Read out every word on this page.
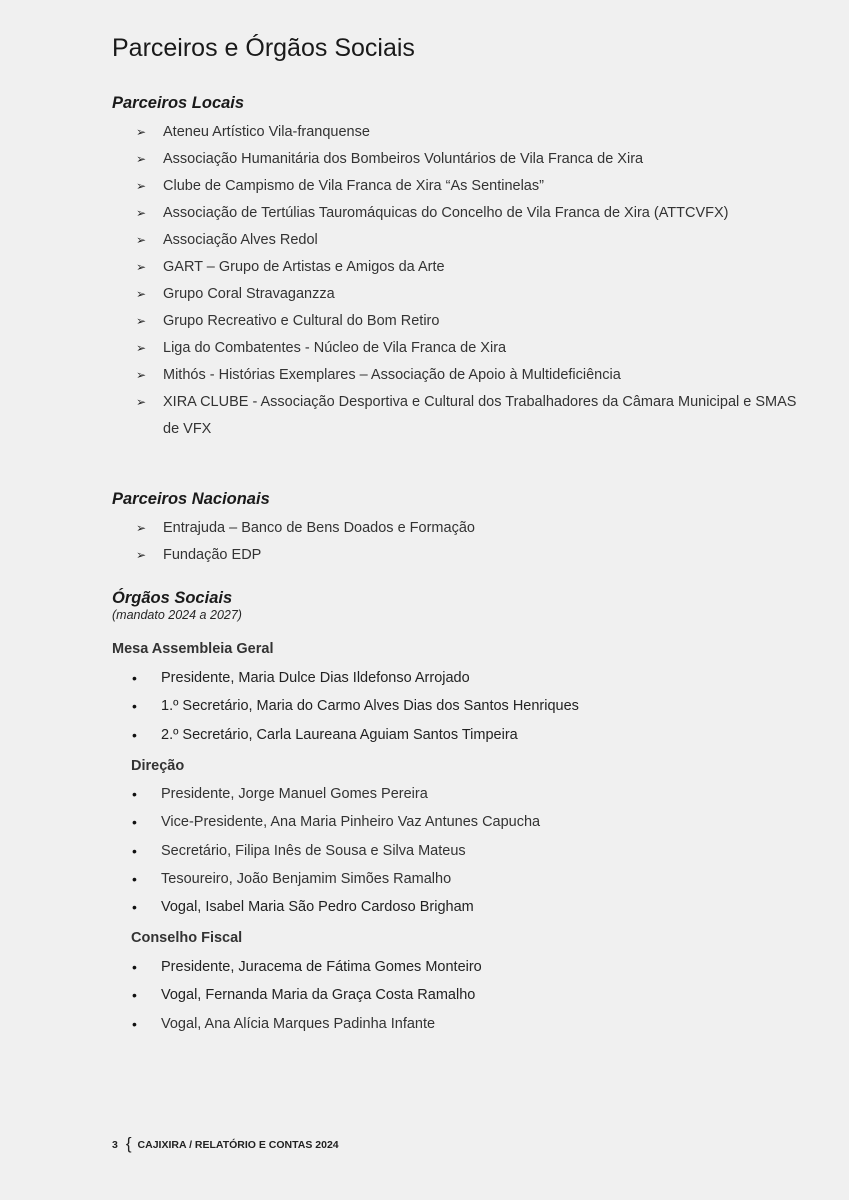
Parceiros e Órgãos Sociais
Parceiros Locais
➢ Ateneu Artístico Vila-franquense
➢ Associação Humanitária dos Bombeiros Voluntários de Vila Franca de Xira
➢ Clube de Campismo de Vila Franca de Xira “As Sentinelas”
➢ Associação de Tertúlias Tauromáquicas do Concelho de Vila Franca de Xira (ATTCVFX)
➢ Associação Alves Redol
➢ GART – Grupo de Artistas e Amigos da Arte
➢ Grupo Coral Stravaganzza
➢ Grupo Recreativo e Cultural do Bom Retiro
➢ Liga do Combatentes - Núcleo de Vila Franca de Xira
➢ Mithós - Histórias Exemplares – Associação de Apoio à Multideficiência
➢ XIRA CLUBE - Associação Desportiva e Cultural dos Trabalhadores da Câmara Municipal e SMAS de VFX
Parceiros Nacionais
➢ Entrajuda – Banco de Bens Doados e Formação
➢ Fundação EDP
Órgãos Sociais
(mandato 2024 a 2027)
Mesa Assembleia Geral
• Presidente, Maria Dulce Dias Ildefonso Arrojado
• 1.º Secretário, Maria do Carmo Alves Dias dos Santos Henriques
• 2.º Secretário, Carla Laureana Aguiam Santos Timpeira
Direção
• Presidente, Jorge Manuel Gomes Pereira
• Vice-Presidente, Ana Maria Pinheiro Vaz Antunes Capucha
• Secretário, Filipa Inês de Sousa e Silva Mateus
• Tesoureiro, João Benjamim Simões Ramalho
• Vogal, Isabel Maria São Pedro Cardoso Brigham
Conselho Fiscal
• Presidente, Juracema de Fátima Gomes Monteiro
• Vogal, Fernanda Maria da Graça Costa Ramalho
• Vogal, Ana Alícia Marques Padinha Infante
3 { CAJIXIRA / RELATÓRIO E CONTAS 2024
